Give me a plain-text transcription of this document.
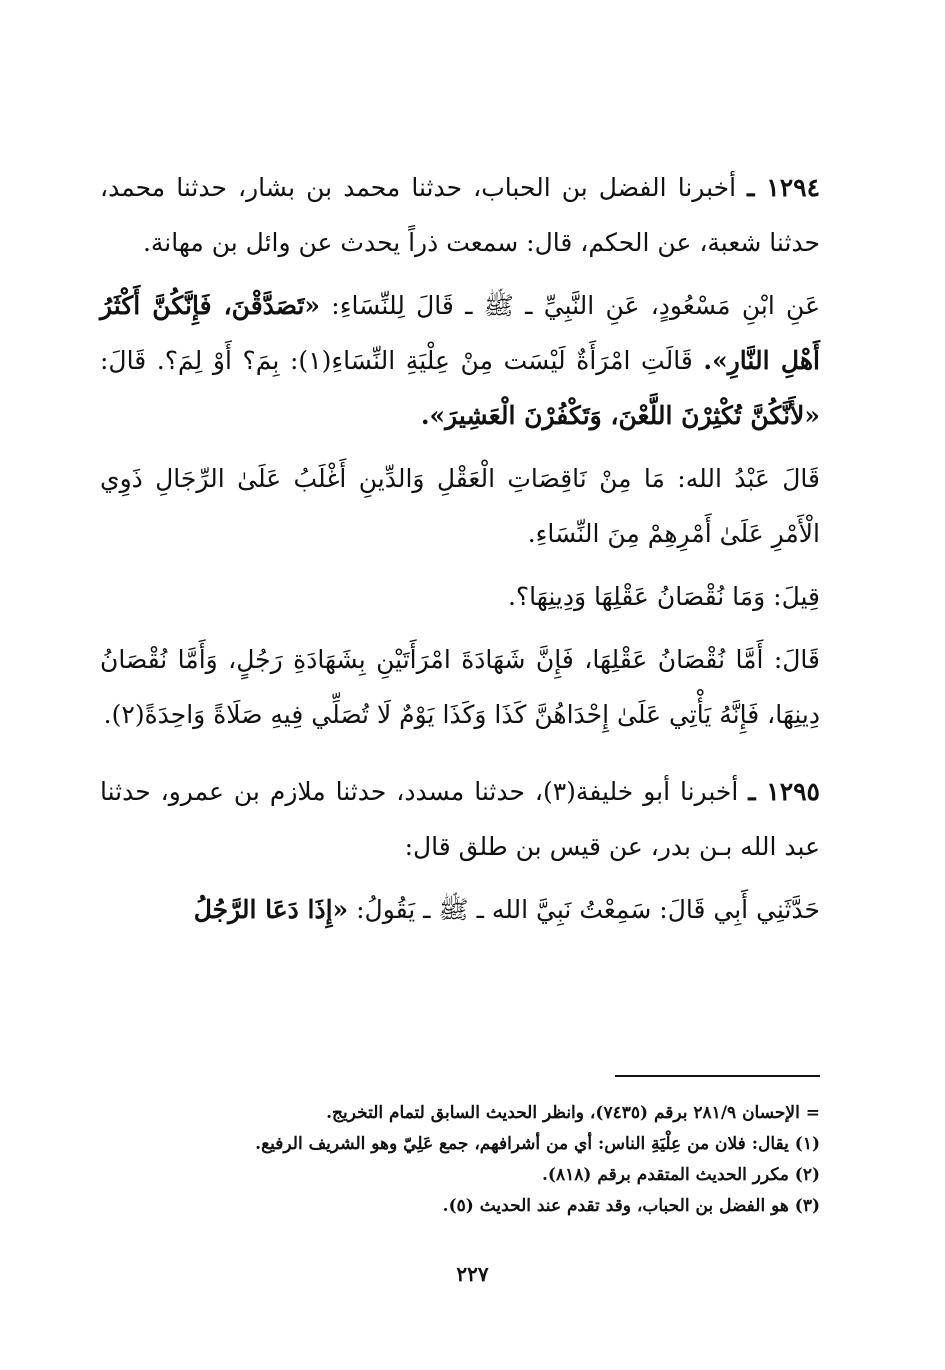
١٢٩٤ ـ أخبرنا الفضل بن الحباب، حدثنا محمد بن بشار، حدثنا محمد، حدثنا شعبة، عن الحكم، قال: سمعت ذراً يحدث عن وائل بن مهانة.

عَنِ ابْنِ مَسْعُودٍ، عَنِ النَّبِيِّ ـ ﷺ ـ قَالَ لِلنِّسَاءِ: «تَصَدَّقْنَ، فَإِنَّكُنَّ أَكْثَرُ أَهْلِ النَّارِ». قَالَتِ امْرَأَةٌ لَيْسَت مِنْ عِلْيَةِ النِّسَاءِ(١): بِمَ؟ أَوْ لِمَ؟. قَالَ: «لأَنَّكُنَّ تُكْثِرْنَ اللَّعْنَ، وَتَكْفُرْنَ الْعَشِيرَ».

قَالَ عَبْدُ الله: مَا مِنْ نَاقِصَاتِ الْعَقْلِ وَالدِّينِ أَغْلَبُ عَلَىٰ الرِّجَالِ ذَوِي الْأَمْرِ عَلَىٰ أَمْرِهِمْ مِنَ النِّسَاءِ.

قِيلَ: وَمَا نُقْصَانُ عَقْلِهَا وَدِينِهَا؟.

قَالَ: أَمَّا نُقْصَانُ عَقْلِهَا، فَإِنَّ شَهَادَةَ امْرَأَتَيْنِ بِشَهَادَةِ رَجُلٍ، وَأَمَّا نُقْصَانُ دِينِهَا، فَإِنَّهُ يَأْتِي عَلَىٰ إِحْدَاهُنَّ كَذَا وَكَذَا يَوْمٌ لَا تُصَلِّي فِيهِ صَلَاةً وَاحِدَةً(٢).

١٢٩٥ ـ أخبرنا أبو خليفة(٣)، حدثنا مسدد، حدثنا ملازم بن عمرو، حدثنا عبد الله بـن بدر، عن قيس بن طلق قال:

حَدَّثَنِي أَبِي قَالَ: سَمِعْتُ نَبِيَّ الله ـ ﷺ ـ يَقُولُ: «إِذَا دَعَا الرَّجُلُ

= الإحسان ٢٨١/٩ برقم (٧٤٣٥)، وانظر الحديث السابق لتمام التخريج.
(١) يقال: فلان من عِلْيَةِ الناس: أي من أشرافهم، جمع عَلِيّ وهو الشريف الرفيع.
(٢) مكرر الحديث المتقدم برقم (٨١٨).
(٣) هو الفضل بن الحباب، وقد تقدم عند الحديث (٥).
٢٢٧
